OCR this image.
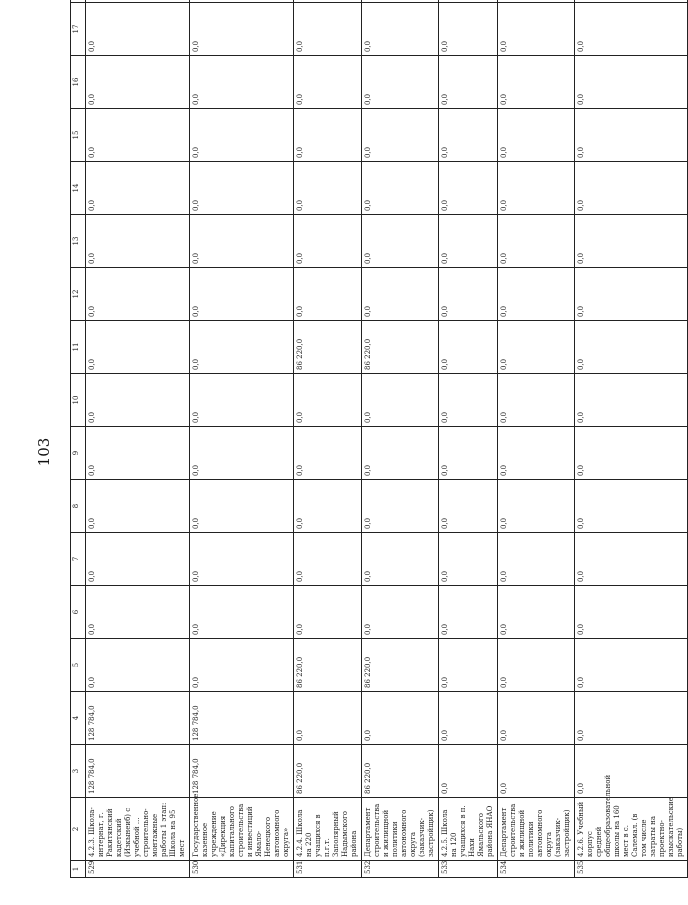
103
1	2	3	4	5	6	7	8	9	10	11	12	13	14	15	16	17	
529	4.2.3. Школа-интернат, г. Ракитянский кадетский (Изкынеиб) с учебной ... строительно-монтажные работы 1 этап: Школа на 95 мест	128 784,0	128 784,0	0,0	0,0	0,0	0,0	0,0	0,0	0,0	0,0	0,0	0,0	0,0	0,0	0,0	
530	Государственное казенное учреждение «Дирекция капитального строительства и инвестиций Ямало-Ненецкого автономного округа»	128 784,0	128 784,0	0,0	0,0	0,0	0,0	0,0	0,0	0,0	0,0	0,0	0,0	0,0	0,0	0,0	
531	4.2.4. Школа на 220 учащихся в п.г.т. Заполярный Надымского района	86 220,0	0,0	86 220,0	0,0	0,0	0,0	0,0	0,0	86 220,0	0,0	0,0	0,0	0,0	0,0	0,0	
532	Департамент строительства и жилищной политики автономного округа (заказчик-застройщик)	86 220,0	0,0	86 220,0	0,0	0,0	0,0	0,0	0,0	86 220,0	0,0	0,0	0,0	0,0	0,0	0,0	
533	4.2.5. Школа на 120 учащихся в п. Нахи Ямальского района ЯНАО	0,0	0,0	0,0	0,0	0,0	0,0	0,0	0,0	0,0	0,0	0,0	0,0	0,0	0,0	0,0	
534	Департамент строительства и жилищной политики автономного округа (заказчик-застройщик)	0,0	0,0	0,0	0,0	0,0	0,0	0,0	0,0	0,0	0,0	0,0	0,0	0,0	0,0	0,0	
535	4.2.6. Учебный корпус средней общеобразовательной школы на 160 мест в с. Салемал. (в том числе затраты на проектно-изыскательские работы)	0,0	0,0	0,0	0,0	0,0	0,0	0,0	0,0	0,0	0,0	0,0	0,0	0,0	0,0	0,0	
